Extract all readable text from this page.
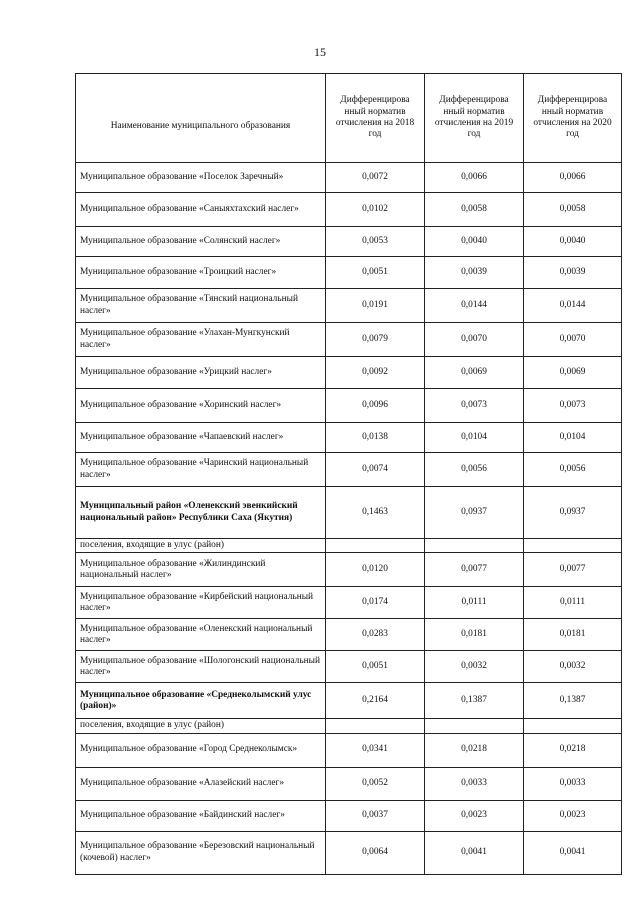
15
Наименование муниципального образования	Дифференцирова нный норматив отчисления на 2018 год	Дифференцирова нный норматив отчисления на 2019 год	Дифференцирова нный норматив отчисления на 2020 год
Муниципальное образование «Поселок Заречный»	0,0072	0,0066	0,0066
Муниципальное образование «Саныяхтахский наслег»	0,0102	0,0058	0,0058
Муниципальное образование «Солянский наслег»	0,0053	0,0040	0,0040
Муниципальное образование «Троицкий наслег»	0,0051	0,0039	0,0039
Муниципальное образование «Тянский национальный наслег»	0,0191	0,0144	0,0144
Муниципальное образование «Улахан-Мунгкунский наслег»	0,0079	0,0070	0,0070
Муниципальное образование «Урицкий наслег»	0,0092	0,0069	0,0069
Муниципальное образование «Хоринский наслег»	0,0096	0,0073	0,0073
Муниципальное образование «Чапаевский наслег»	0,0138	0,0104	0,0104
Муниципальное образование «Чаринский национальный наслег»	0,0074	0,0056	0,0056
Муниципальный район «Оленекский эвенкийский национальный район» Республики Саха (Якутия)	0,1463	0,0937	0,0937
поселения, входящие в улус (район)			
Муниципальное образование «Жилиндинский национальный наслег»	0,0120	0,0077	0,0077
Муниципальное образование «Кирбейский национальный наслег»	0,0174	0,0111	0,0111
Муниципальное образование «Оленекский национальный наслег»	0,0283	0,0181	0,0181
Муниципальное образование «Шологонский национальный наслег»	0,0051	0,0032	0,0032
Муниципальное образование «Среднеколымский улус (район)»	0,2164	0,1387	0,1387
поселения, входящие в улус (район)			
Муниципальное образование «Город Среднеколымск»	0,0341	0,0218	0,0218
Муниципальное образование «Алазейский наслег»	0,0052	0,0033	0,0033
Муниципальное образование «Байдинский наслег»	0,0037	0,0023	0,0023
Муниципальное образование «Березовский национальный (кочевой) наслег»	0,0064	0,0041	0,0041
